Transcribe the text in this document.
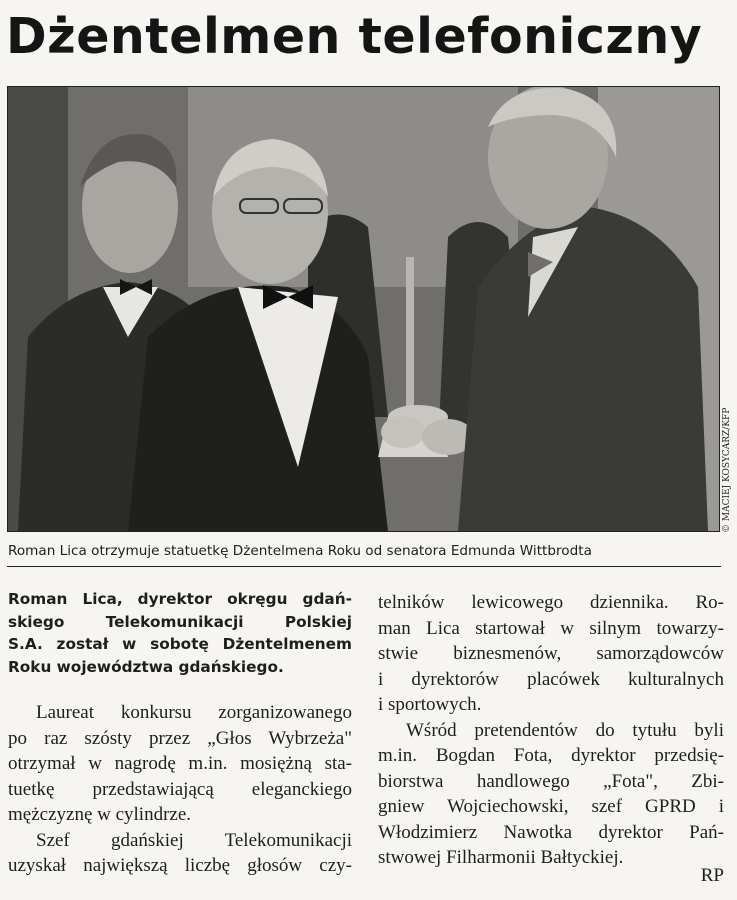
Dżentelmen telefoniczny
© MACIEJ KOSYCARZ/KFP
Roman Lica otrzymuje statuetkę Dżentelmena Roku od senatora Edmunda Wittbrodta
Roman Lica, dyrektor okręgu gdań-
skiego Telekomunikacji Polskiej
S.A. został w sobotę Dżentelmenem
Roku województwa gdańskiego.
Laureat konkursu zorganizowanego
po raz szósty przez „Głos Wybrzeża"
otrzymał w nagrodę m.in. mosiężną sta-
tuetkę przedstawiającą eleganckiego
mężczyznę w cylindrze.
Szef gdańskiej Telekomunikacji
uzyskał największą liczbę głosów czy-
telników lewicowego dziennika. Ro-
man Lica startował w silnym towarzy-
stwie biznesmenów, samorządowców
i dyrektorów placówek kulturalnych
i sportowych.
Wśród pretendentów do tytułu byli
m.in. Bogdan Fota, dyrektor przedsię-
biorstwa handlowego „Fota", Zbi-
gniew Wojciechowski, szef GPRD i
Włodzimierz Nawotka dyrektor Pań-
stwowej Filharmonii Bałtyckiej.
RP
